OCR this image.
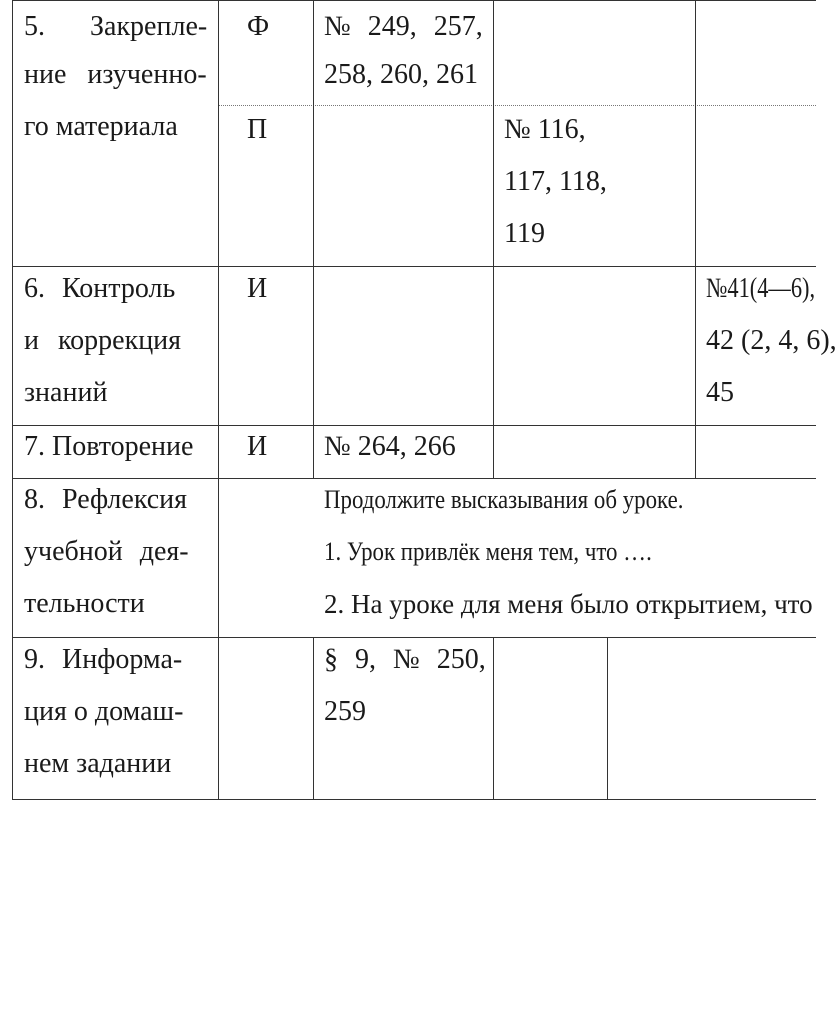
5. Закрепле-
ние изученно-
го материала
Ф № 249, 257,
258, 260, 261
П	№ 116,
117, 118,
119
6. Контроль
и коррекция
знаний
И	№41(4—6),
42 (2, 4, 6),
45
7. Повторение И № 264, 266
8. Рефлексия
учебной дея-
тельности
Продолжите высказывания об уроке.
1. Урок привлёк меня тем, что ….
2. На уроке для меня было открытием, что
9. Информа-
ция о домаш-
нем задании
§ 9, № 250,
259
